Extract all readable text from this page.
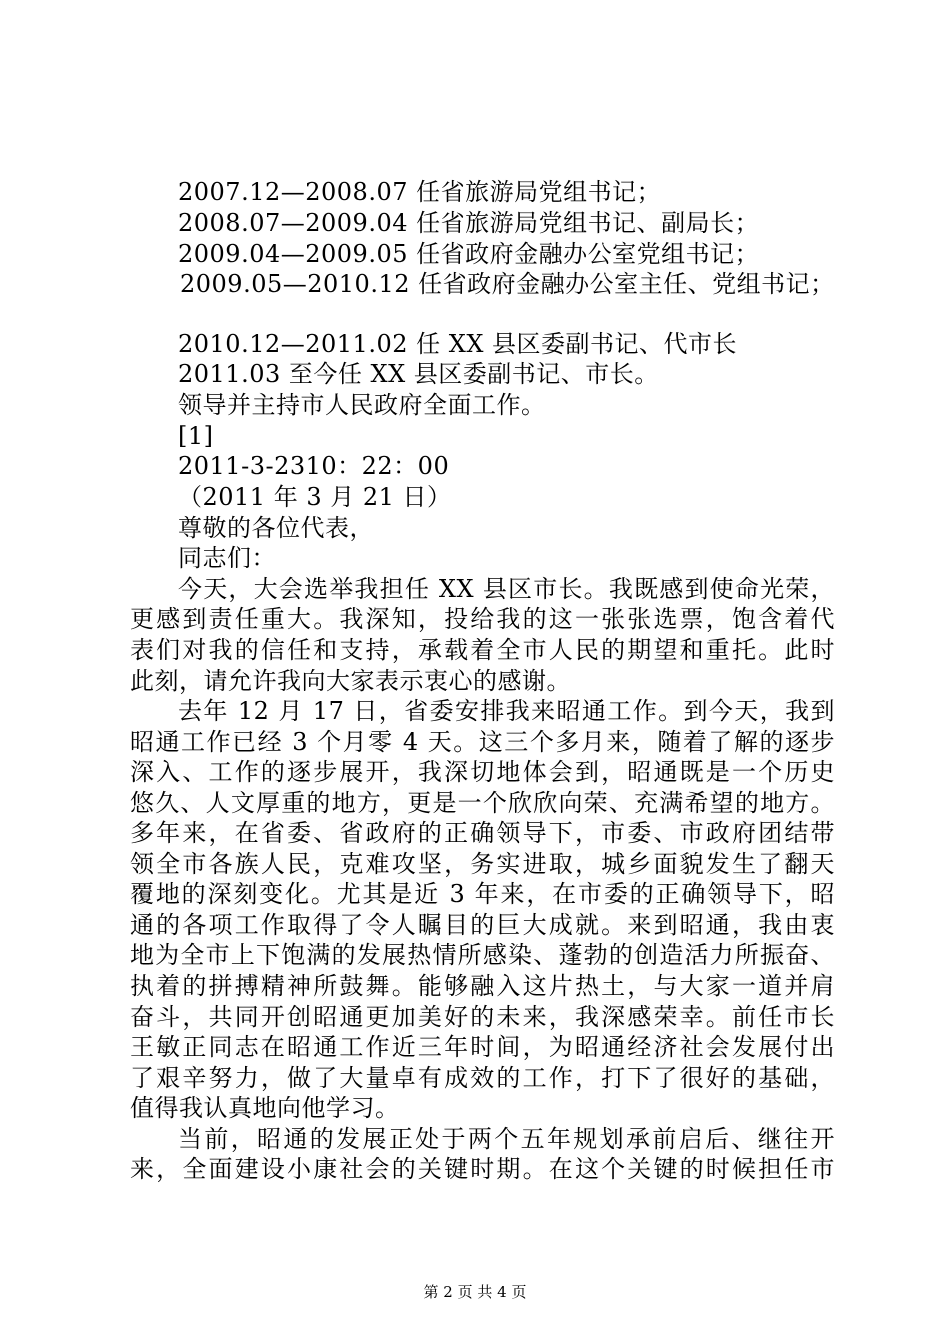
2007.12—2008.07 任省旅游局党组书记；
2008.07—2009.04 任省旅游局党组书记、副局长；
2009.04—2009.05 任省政府金融办公室党组书记；
2009.05—2010.12 任省政府金融办公室主任、党组书记；
2010.12—2011.02 任 XX 县区委副书记、代市长
2011.03 至今任 XX 县区委副书记、市长。
领导并主持市人民政府全面工作。
[1]
2011-3-2310：22：00
（2011 年 3 月 21 日）
尊敬的各位代表，
同志们：
今天，大会选举我担任 XX 县区市长。我既感到使命光荣，
更感到责任重大。我深知，投给我的这一张张选票，饱含着代
表们对我的信任和支持，承载着全市人民的期望和重托。此时
此刻，请允许我向大家表示衷心的感谢。
去年 12 月 17 日，省委安排我来昭通工作。到今天，我到
昭通工作已经 3 个月零 4 天。这三个多月来，随着了解的逐步
深入、工作的逐步展开，我深切地体会到，昭通既是一个历史
悠久、人文厚重的地方，更是一个欣欣向荣、充满希望的地方。
多年来，在省委、省政府的正确领导下，市委、市政府团结带
领全市各族人民，克难攻坚，务实进取，城乡面貌发生了翻天
覆地的深刻变化。尤其是近 3 年来，在市委的正确领导下，昭
通的各项工作取得了令人瞩目的巨大成就。来到昭通，我由衷
地为全市上下饱满的发展热情所感染、蓬勃的创造活力所振奋、
执着的拼搏精神所鼓舞。能够融入这片热土，与大家一道并肩
奋斗，共同开创昭通更加美好的未来，我深感荣幸。前任市长
王敏正同志在昭通工作近三年时间，为昭通经济社会发展付出
了艰辛努力，做了大量卓有成效的工作，打下了很好的基础，
值得我认真地向他学习。
当前，昭通的发展正处于两个五年规划承前启后、继往开
来，全面建设小康社会的关键时期。在这个关键的时候担任市
第 2 页 共 4 页
